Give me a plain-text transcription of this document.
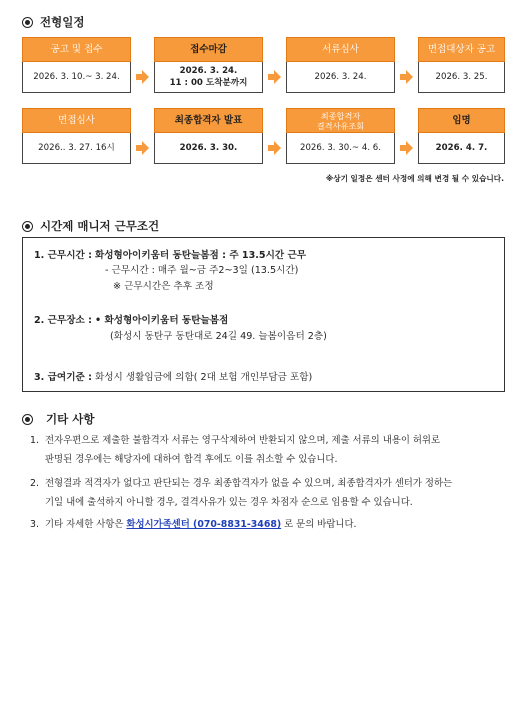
전형일정
공고 및 접수
2026. 3. 10.~ 3. 24.
접수마감
2026. 3. 24.
11 : 00 도착분까지
서류심사
2026. 3. 24.
면접대상자 공고
2026. 3. 25.
면접심사
2026.. 3. 27. 16시
최종합격자 발표
2026. 3. 30.
최종합격자
결격사유조회
2026. 3. 30.~ 4. 6.
임명
2026. 4. 7.
※상기 일정은 센터 사정에 의해 변경 될 수 있습니다.
시간제 매니저 근무조건
1. 근무시간 : 화성형아이키움터 동탄늘봄점 : 주 13.5시간 근무
- 근무시간 : 매주 월~금 주2~3일 (13.5시간)
※ 근무시간은 추후 조정
2. 근무장소 : • 화성형아이키움터 동탄늘봄점
(화성시 동탄구 동탄대로 24길 49. 늘봄이음터 2층)
3. 급여기준 : 화성시 생활임금에 의함( 2대 보험 개인부담금 포함)
기타 사항
1. 전자우편으로 제출한 불합격자 서류는 영구삭제하여 반환되지 않으며, 제출 서류의 내용이 허위로
판명된 경우에는 해당자에 대하여 합격 후에도 이를 취소할 수 있습니다.
2. 전형결과 적격자가 없다고 판단되는 경우 최종합격자가 없을 수 있으며, 최종합격자가 센터가 정하는
기일 내에 출석하지 아니할 경우, 결격사유가 있는 경우 차점자 순으로 임용할 수 있습니다.
3. 기타 자세한 사항은 화성시가족센터 (070-8831-3468) 로 문의 바랍니다.
